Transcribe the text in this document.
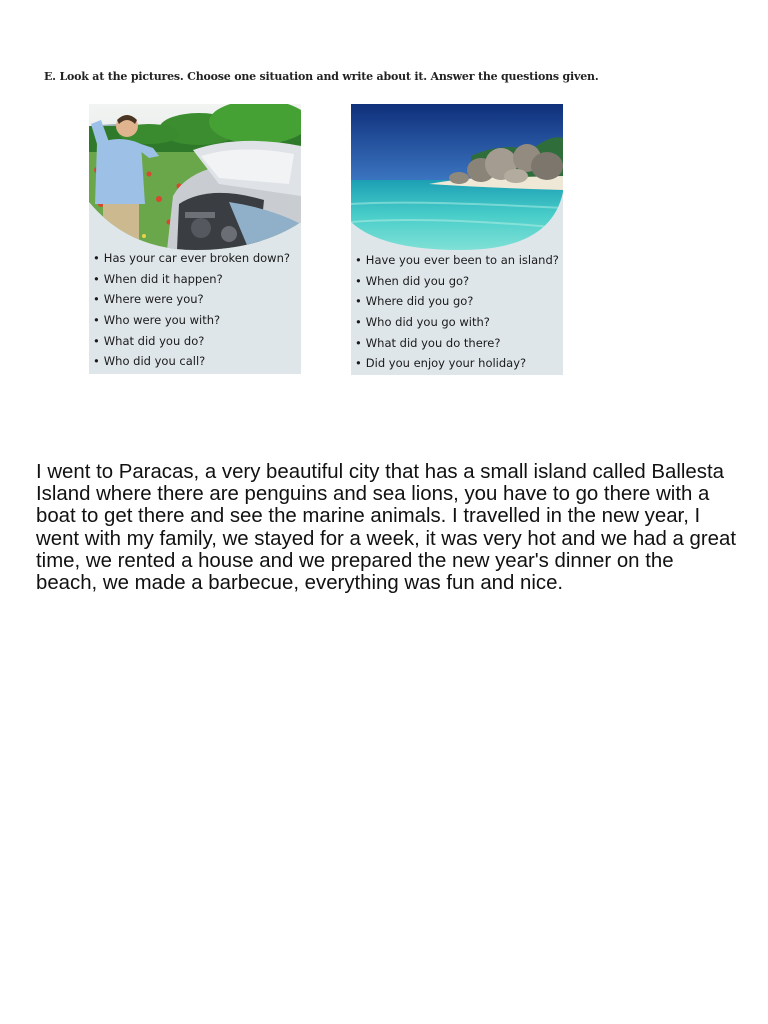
E. Look at the pictures. Choose one situation and write about it. Answer the questions given.
• Has your car ever broken down?
• When did it happen?
• Where were you?
• Who were you with?
• What did you do?
• Who did you call?
• Have you ever been to an island?
• When did you go?
• Where did you go?
• Who did you go with?
• What did you do there?
• Did you enjoy your holiday?

I went to Paracas, a very beautiful city that has a small island called Ballesta Island where there are penguins and sea lions, you have to go there with a boat to get there and see the marine animals. I travelled in the new year, I went with my family, we stayed for a week, it was very hot and we had a great time, we rented a house and we prepared the new year's dinner on the beach, we made a barbecue, everything was fun and nice.
